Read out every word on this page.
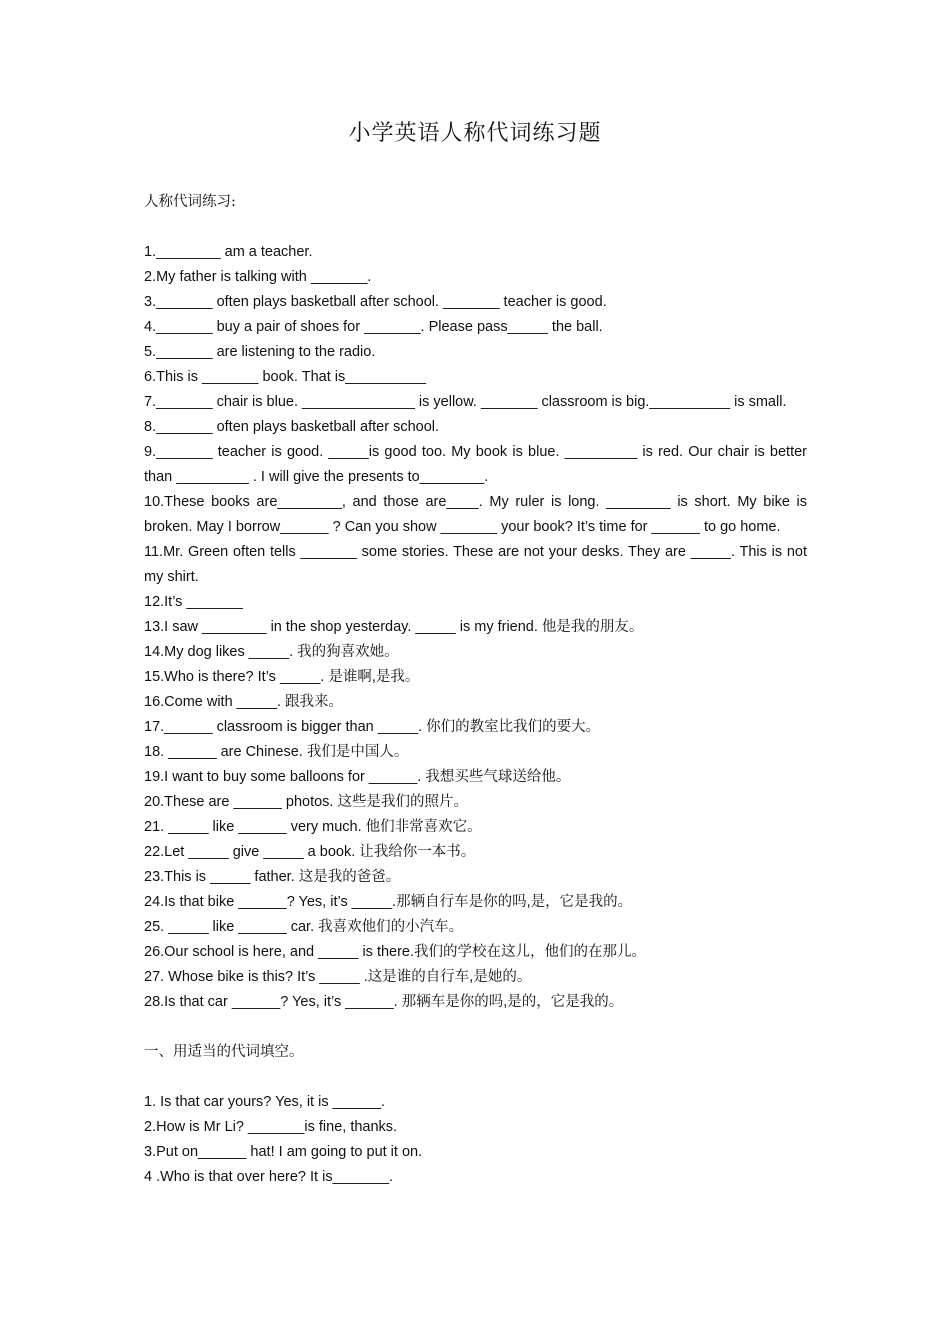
小学英语人称代词练习题
人称代词练习:
1.________ am a teacher.
2.My father is talking with _______.
3._______ often plays basketball after school. _______ teacher is good.
4._______ buy a pair of shoes for _______. Please pass_____ the ball.
5._______ are listening to the radio.
6.This is _______ book. That is__________
7._______ chair is blue. ______________ is yellow. _______ classroom is big.__________ is small.
8._______ often plays basketball after school.
9._______ teacher is good. _____is good too. My book is blue. _________ is red. Our chair is better than _________ . I will give the presents to________.
10.These books are________, and those are____. My ruler is long. ________ is short. My bike is broken. May I borrow______ ? Can you show _______ your book? It’s time for ______ to go home.
11.Mr. Green often tells _______ some stories. These are not your desks. They are _____. This is not my shirt.
12.It’s _______
13.I saw ________ in the shop yesterday. _____ is my friend. 他是我的朋友。
14.My dog likes _____. 我的狗喜欢她。
15.Who is there? It’s _____. 是谁啊,是我。
16.Come with _____. 跟我来。
17.______ classroom is bigger than _____. 你们的教室比我们的要大。
18. ______ are Chinese. 我们是中国人。
19.I want to buy some balloons for ______. 我想买些气球送给他。
20.These are ______ photos. 这些是我们的照片。
21. _____ like ______ very much. 他们非常喜欢它。
22.Let _____ give _____ a book. 让我给你一本书。
23.This is _____ father. 这是我的爸爸。
24.Is that bike ______? Yes, it’s _____.那辆自行车是你的吗,是，它是我的。
25. _____ like ______ car. 我喜欢他们的小汽车。
26.Our school is here, and _____ is there.我们的学校在这儿，他们的在那儿。
27. Whose bike is this? It’s _____ .这是谁的自行车,是她的。
28.Is that car ______? Yes, it’s ______. 那辆车是你的吗,是的，它是我的。
一、用适当的代词填空。
1. Is that car yours? Yes, it is ______.
2.How is Mr Li? _______is fine, thanks.
3.Put on______ hat! I am going to put it on.
4 .Who is that over here? It is_______.
